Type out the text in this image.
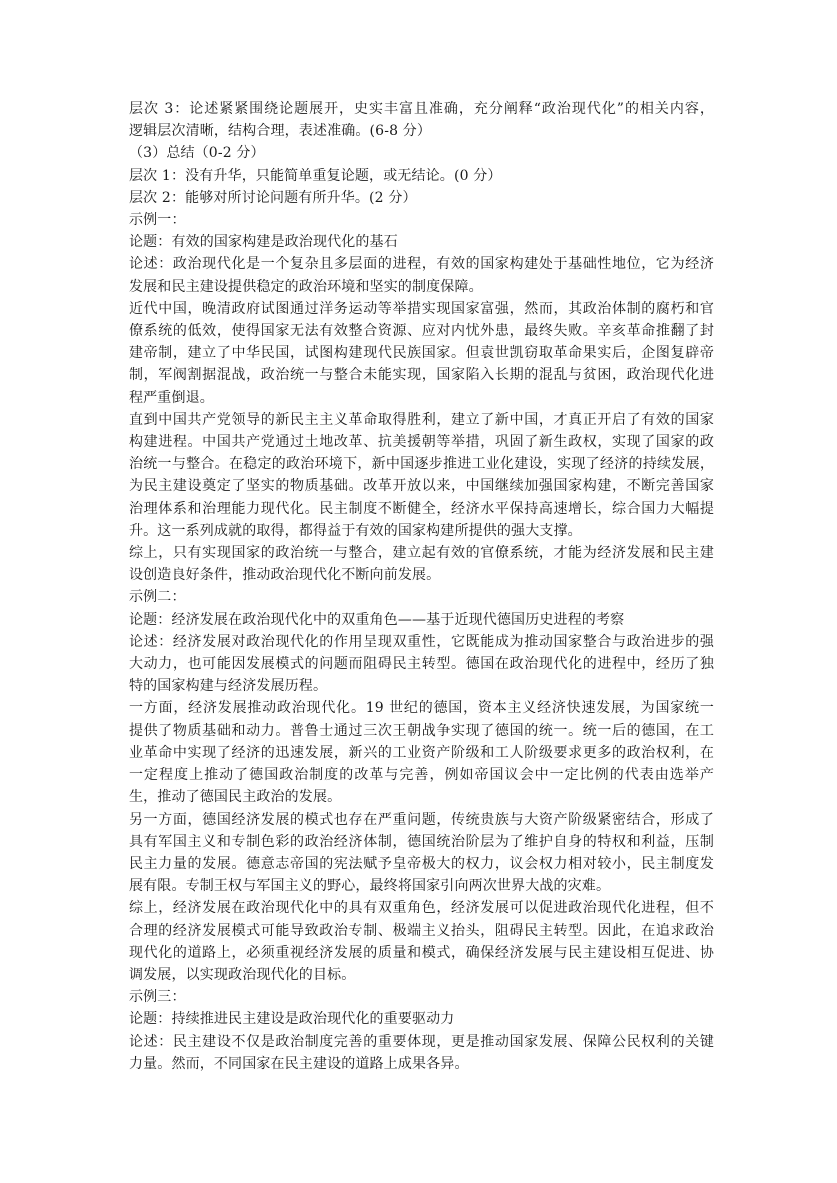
层次 3：论述紧紧围绕论题展开，史实丰富且准确，充分阐释“政治现代化”的相关内容，
逻辑层次清晰，结构合理，表述准确。(6-8 分）
（3）总结（0-2 分）
层次 1：没有升华，只能简单重复论题，或无结论。(0 分）
层次 2：能够对所讨论问题有所升华。(2 分）
示例一：
论题：有效的国家构建是政治现代化的基石
论述：政治现代化是一个复杂且多层面的进程，有效的国家构建处于基础性地位，它为经济
发展和民主建设提供稳定的政治环境和坚实的制度保障。
近代中国，晚清政府试图通过洋务运动等举措实现国家富强，然而，其政治体制的腐朽和官
僚系统的低效，使得国家无法有效整合资源、应对内忧外患，最终失败。辛亥革命推翻了封
建帝制，建立了中华民国，试图构建现代民族国家。但袁世凯窃取革命果实后，企图复辟帝
制，军阀割据混战，政治统一与整合未能实现，国家陷入长期的混乱与贫困，政治现代化进
程严重倒退。
直到中国共产党领导的新民主主义革命取得胜利，建立了新中国，才真正开启了有效的国家
构建进程。中国共产党通过土地改革、抗美援朝等举措，巩固了新生政权，实现了国家的政
治统一与整合。在稳定的政治环境下，新中国逐步推进工业化建设，实现了经济的持续发展，
为民主建设奠定了坚实的物质基础。改革开放以来，中国继续加强国家构建，不断完善国家
治理体系和治理能力现代化。民主制度不断健全，经济水平保持高速增长，综合国力大幅提
升。这一系列成就的取得，都得益于有效的国家构建所提供的强大支撑。
综上，只有实现国家的政治统一与整合，建立起有效的官僚系统，才能为经济发展和民主建
设创造良好条件，推动政治现代化不断向前发展。
示例二：
论题：经济发展在政治现代化中的双重角色——基于近现代德国历史进程的考察
论述：经济发展对政治现代化的作用呈现双重性，它既能成为推动国家整合与政治进步的强
大动力，也可能因发展模式的问题而阻碍民主转型。德国在政治现代化的进程中，经历了独
特的国家构建与经济发展历程。
一方面，经济发展推动政治现代化。19 世纪的德国，资本主义经济快速发展，为国家统一
提供了物质基础和动力。普鲁士通过三次王朝战争实现了德国的统一。统一后的德国，在工
业革命中实现了经济的迅速发展，新兴的工业资产阶级和工人阶级要求更多的政治权利，在
一定程度上推动了德国政治制度的改革与完善，例如帝国议会中一定比例的代表由选举产
生，推动了德国民主政治的发展。
另一方面，德国经济发展的模式也存在严重问题，传统贵族与大资产阶级紧密结合，形成了
具有军国主义和专制色彩的政治经济体制，德国统治阶层为了维护自身的特权和利益，压制
民主力量的发展。德意志帝国的宪法赋予皇帝极大的权力，议会权力相对较小，民主制度发
展有限。专制王权与军国主义的野心，最终将国家引向两次世界大战的灾难。
综上，经济发展在政治现代化中的具有双重角色，经济发展可以促进政治现代化进程，但不
合理的经济发展模式可能导致政治专制、极端主义抬头，阻碍民主转型。因此，在追求政治
现代化的道路上，必须重视经济发展的质量和模式，确保经济发展与民主建设相互促进、协
调发展，以实现政治现代化的目标。
示例三：
论题：持续推进民主建设是政治现代化的重要驱动力
论述：民主建设不仅是政治制度完善的重要体现，更是推动国家发展、保障公民权利的关键
力量。然而，不同国家在民主建设的道路上成果各异。
